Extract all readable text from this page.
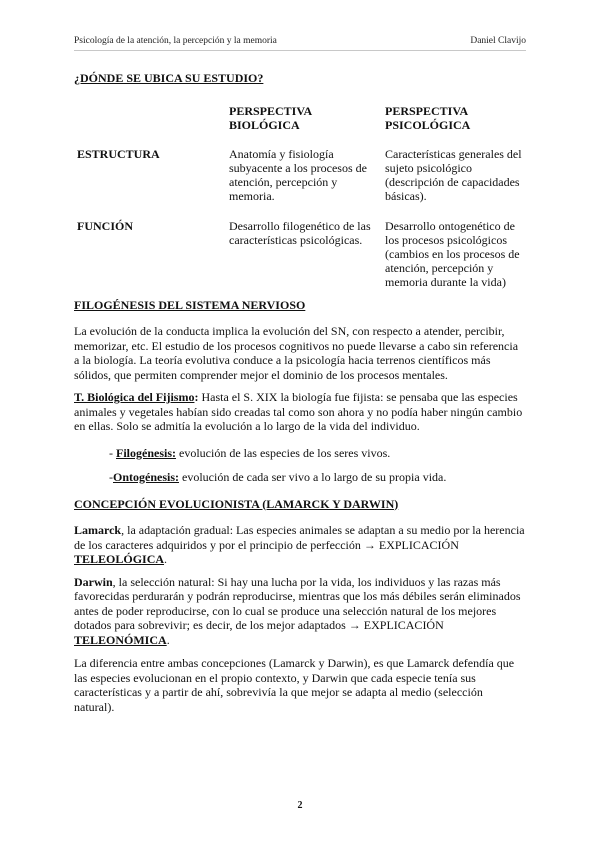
Psicología de la atención, la percepción y la memoria	Daniel Clavijo

¿DÓNDE SE UBICA SU ESTUDIO?

	PERSPECTIVA BIOLÓGICA	PERSPECTIVA PSICOLÓGICA
ESTRUCTURA	Anatomía y fisiología subyacente a los procesos de atención, percepción y memoria.	Características generales del sujeto psicológico (descripción de capacidades básicas).
FUNCIÓN	Desarrollo filogenético de las características psicológicas.	Desarrollo ontogenético de los procesos psicológicos (cambios en los procesos de atención, percepción y memoria durante la vida)

FILOGÉNESIS DEL SISTEMA NERVIOSO

La evolución de la conducta implica la evolución del SN, con respecto a atender, percibir, memorizar, etc. El estudio de los procesos cognitivos no puede llevarse a cabo sin referencia a la biología. La teoría evolutiva conduce a la psicología hacia terrenos científicos más sólidos, que permiten comprender mejor el dominio de los procesos mentales.

T. Biológica del Fijismo: Hasta el S. XIX la biología fue fijista: se pensaba que las especies animales y vegetales habían sido creadas tal como son ahora y no podía haber ningún cambio en ellas. Solo se admitía la evolución a lo largo de la vida del individuo.

- Filogénesis: evolución de las especies de los seres vivos.

-Ontogénesis: evolución de cada ser vivo a lo largo de su propia vida.

CONCEPCIÓN EVOLUCIONISTA (LAMARCK Y DARWIN)

Lamarck, la adaptación gradual: Las especies animales se adaptan a su medio por la herencia de los caracteres adquiridos y por el principio de perfección → EXPLICACIÓN TELEOLÓGICA.

Darwin, la selección natural: Si hay una lucha por la vida, los individuos y las razas más favorecidas perdurarán y podrán reproducirse, mientras que los más débiles serán eliminados antes de poder reproducirse, con lo cual se produce una selección natural de los mejores dotados para sobrevivir; es decir, de los mejor adaptados → EXPLICACIÓN TELEONÓMICA.

La diferencia entre ambas concepciones (Lamarck y Darwin), es que Lamarck defendía que las especies evolucionan en el propio contexto, y Darwin que cada especie tenía sus características y a partir de ahí, sobrevivía la que mejor se adapta al medio (selección natural).

2
